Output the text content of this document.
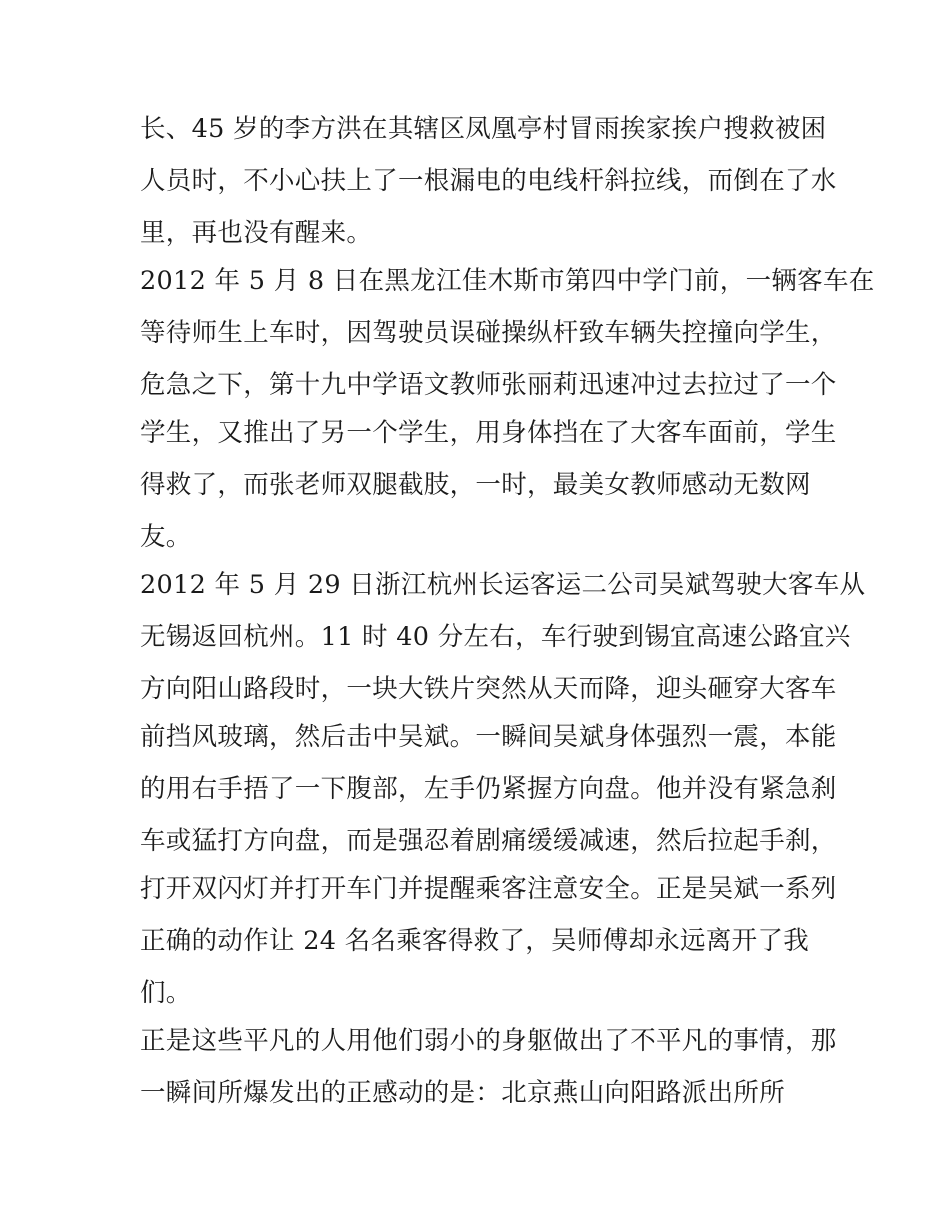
长、45 岁的李方洪在其辖区凤凰亭村冒雨挨家挨户搜救被困
人员时，不小心扶上了一根漏电的电线杆斜拉线，而倒在了水
里，再也没有醒来。
2012 年 5 月 8 日在黑龙江佳木斯市第四中学门前，一辆客车在
等待师生上车时，因驾驶员误碰操纵杆致车辆失控撞向学生，
危急之下，第十九中学语文教师张丽莉迅速冲过去拉过了一个
学生，又推出了另一个学生，用身体挡在了大客车面前，学生
得救了，而张老师双腿截肢，一时，最美女教师感动无数网
友。
2012 年 5 月 29 日浙江杭州长运客运二公司吴斌驾驶大客车从
无锡返回杭州。11 时 40 分左右，车行驶到锡宜高速公路宜兴
方向阳山路段时，一块大铁片突然从天而降，迎头砸穿大客车
前挡风玻璃，然后击中吴斌。一瞬间吴斌身体强烈一震，本能
的用右手捂了一下腹部，左手仍紧握方向盘。他并没有紧急刹
车或猛打方向盘，而是强忍着剧痛缓缓减速，然后拉起手刹，
打开双闪灯并打开车门并提醒乘客注意安全。正是吴斌一系列
正确的动作让 24 名名乘客得救了，吴师傅却永远离开了我
们。
正是这些平凡的人用他们弱小的身躯做出了不平凡的事情，那
一瞬间所爆发出的正感动的是：北京燕山向阳路派出所所
